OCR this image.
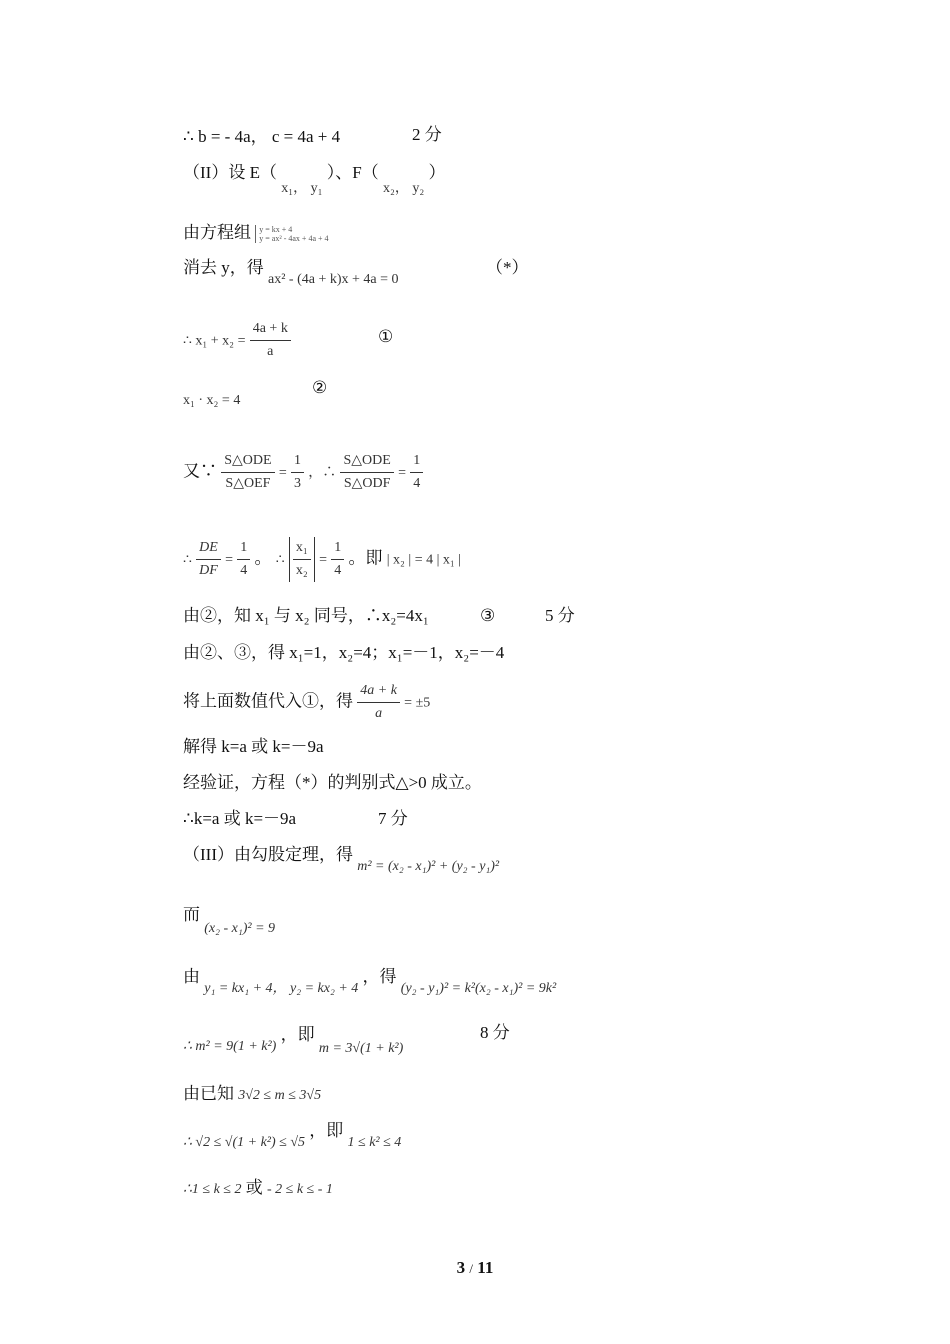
∴ b = - 4a， c = 4a + 4	2 分
（II）设 E（ $_{x_1, y_1}$ ）、F（ $_{x_2, y_2}$ ）
由方程组 y = kx + 4
y = ax² - 4ax + 4a + 4
消去 y，得 $_{ax^2 - (4a + k)x + 4a = 0}$
（*）
∴ $x_1 + x_2 = \frac{4a + k}{a}$	①
x₁ · x₂ = 4
②
又∵ $\frac{\text{S△ODE}}{\text{S△OEF}} = \frac{1}{3}$ ，∴ $\frac{\text{S△ODE}}{\text{S△ODF}} = \frac{1}{4}$
∴ $\frac{DE}{DF} = \frac{1}{4}$ 。 ∴ $\frac{\text{x₁}}{\text{x₂}} = \frac{1}{4}$ 。即 | x₂ | = 4 | x₁ |
由②，知 x₁ 与 x₂ 同号，∴x₂=4x₁	③	5 分
由②、③，得 x₁=1，x₂=4；x₁=－1，x₂=－4
将上面数值代入①，得 $\frac{4a + k}{a} = \pm 5$
解得 k=a 或 k=－9a
经验证，方程（*）的判别式△>0 成立。
∴k=a 或 k=－9a	7 分
（III）由勾股定理，得 $_{m^2 = (x_2 - x_1)^2 + (y_2 - y_1)^2}$
而 $_{(x_2 - x_1)^2 = 9}$
由 $_{y_1 = kx_1 + 4, y_2 = kx_2 + 4}$ ，得 $_{(y_2 - y_1)^2 = k^2(x_2 - x_1)^2 = 9k^2}$
$_{\therefore m^2 = 9(1 + k^2)}$ ，即 $_{m = 3√(1 + k^2)}$
8 分
由已知 3√2 ≤ m ≤ 3√5
$_{\therefore √2 \le √(1 + k^2) \le √5}$ ，即 $_{1 \le k^2 \le 4}$
∴1 ≤ k ≤ 2 或 - 2 ≤ k ≤ - 1
3 / 11
